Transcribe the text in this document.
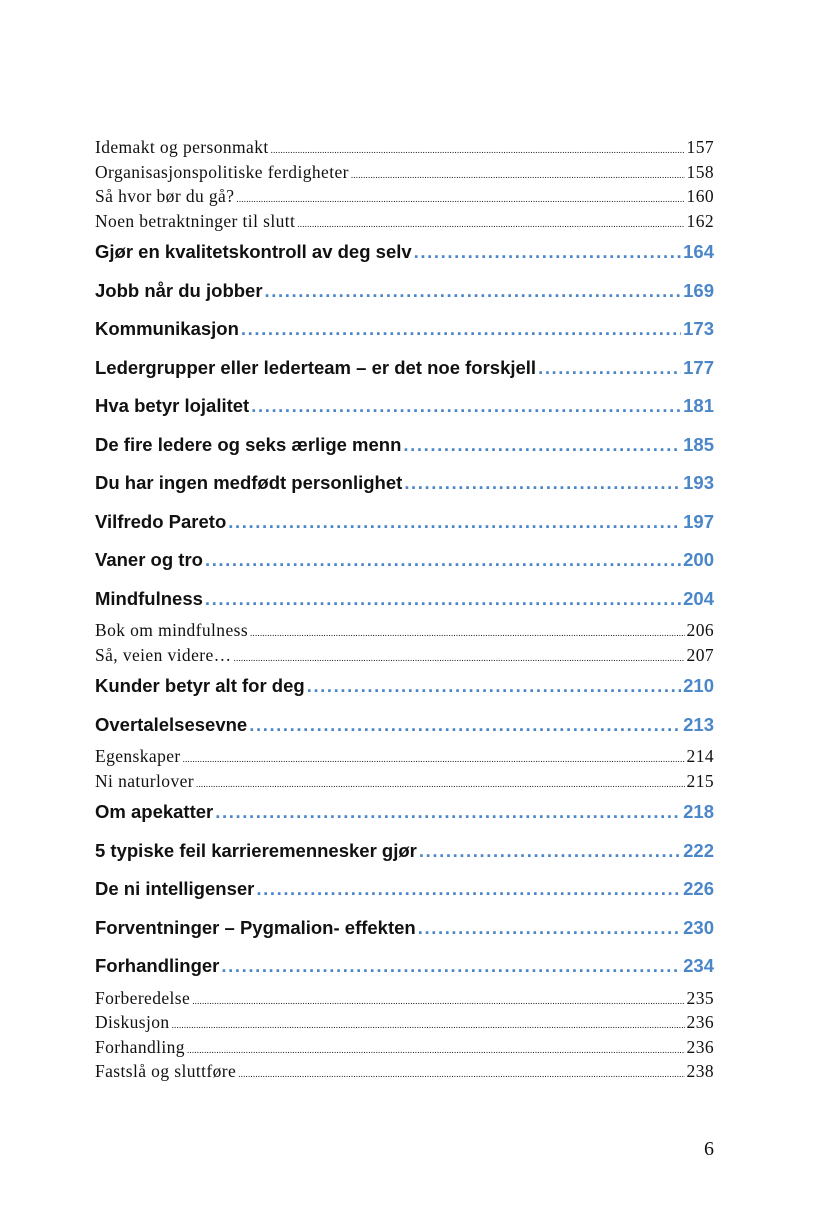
Idemakt og personmakt .....	157
Organisasjonspolitiske ferdigheter .....	158
Så hvor bør du gå? .....	160
Noen betraktninger til slutt .....	162
Gjør en kvalitetskontroll av deg selv .....	164
Jobb når du jobber .....	169
Kommunikasjon .....	173
Ledergrupper eller lederteam – er det noe forskjell .....	177
Hva betyr lojalitet .....	181
De fire ledere og seks ærlige menn .....	185
Du har ingen medfødt personlighet .....	193
Vilfredo Pareto .....	197
Vaner og tro .....	200
Mindfulness .....	204
Bok om mindfulness .....	206
Så, veien videre… .....	207
Kunder betyr alt for deg .....	210
Overtalelsesevne .....	213
Egenskaper .....	214
Ni naturlover .....	215
Om apekatter .....	218
5 typiske feil karrieremennesker gjør .....	222
De ni intelligenser .....	226
Forventninger – Pygmalion- effekten .....	230
Forhandlinger .....	234
Forberedelse .....	235
Diskusjon .....	236
Forhandling .....	236
Fastslå og sluttføre .....	238
6
